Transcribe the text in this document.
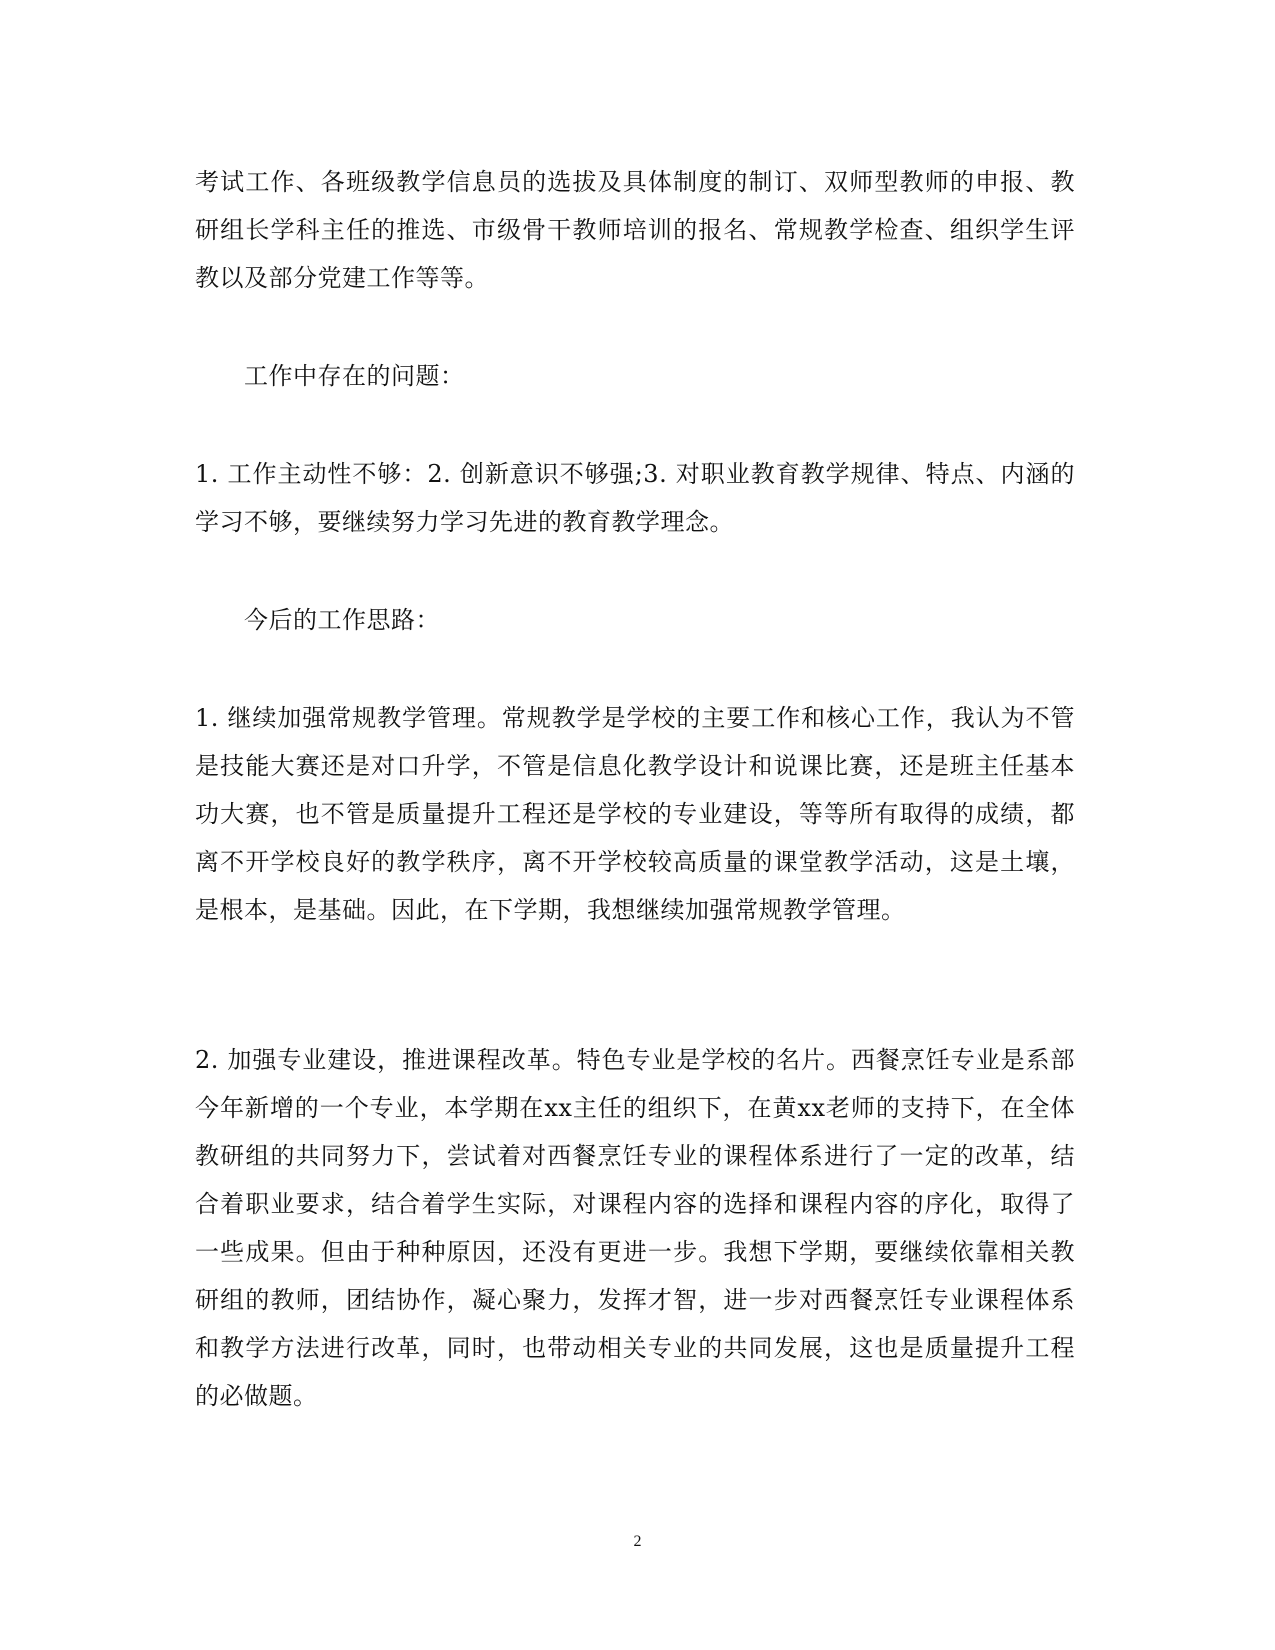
考试工作、各班级教学信息员的选拔及具体制度的制订、双师型教师的申报、教研组长学科主任的推选、市级骨干教师培训的报名、常规教学检查、组织学生评教以及部分党建工作等等。

工作中存在的问题：

1. 工作主动性不够：2. 创新意识不够强;3. 对职业教育教学规律、特点、内涵的学习不够，要继续努力学习先进的教育教学理念。

今后的工作思路：

1. 继续加强常规教学管理。常规教学是学校的主要工作和核心工作，我认为不管是技能大赛还是对口升学，不管是信息化教学设计和说课比赛，还是班主任基本功大赛，也不管是质量提升工程还是学校的专业建设，等等所有取得的成绩，都离不开学校良好的教学秩序，离不开学校较高质量的课堂教学活动，这是土壤，是根本，是基础。因此，在下学期，我想继续加强常规教学管理。

2. 加强专业建设，推进课程改革。特色专业是学校的名片。西餐烹饪专业是系部今年新增的一个专业，本学期在xx主任的组织下，在黄xx老师的支持下，在全体教研组的共同努力下，尝试着对西餐烹饪专业的课程体系进行了一定的改革，结合着职业要求，结合着学生实际，对课程内容的选择和课程内容的序化，取得了一些成果。但由于种种原因，还没有更进一步。我想下学期，要继续依靠相关教研组的教师，团结协作，凝心聚力，发挥才智，进一步对西餐烹饪专业课程体系和教学方法进行改革，同时，也带动相关专业的共同发展，这也是质量提升工程的必做题。

2
